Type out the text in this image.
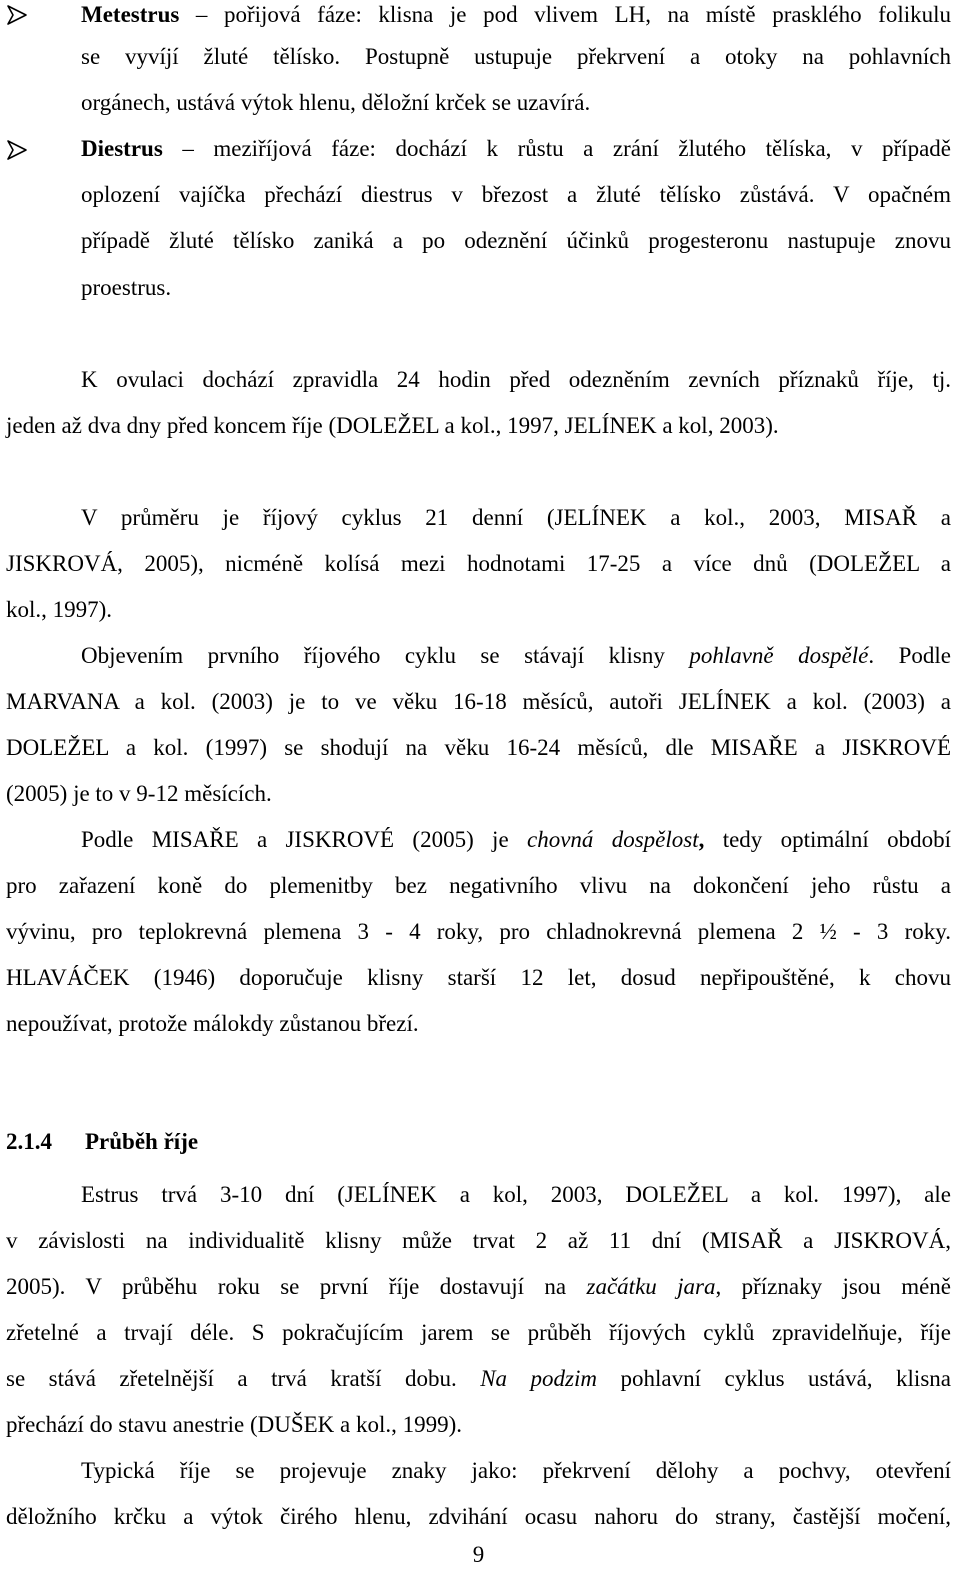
Metestrus – pořijová fáze: klisna je pod vlivem LH, na místě prasklého folikulu
se vyvíjí žluté tělísko. Postupně ustupuje překrvení a otoky na pohlavních
orgánech, ustává výtok hlenu, děložní krček se uzavírá.
Diestrus – meziříjová fáze: dochází k růstu a zrání žlutého tělíska, v případě
oplození vajíčka přechází diestrus v březost a žluté tělísko zůstává. V opačném
případě žluté tělísko zaniká a po odeznění účinků progesteronu nastupuje znovu
proestrus.
K ovulaci dochází zpravidla 24 hodin před odezněním zevních příznaků říje, tj.
jeden až dva dny před koncem říje (DOLEŽEL a kol., 1997, JELÍNEK a kol, 2003).
V průměru je říjový cyklus 21 denní (JELÍNEK a kol., 2003, MISAŘ a
JISKROVÁ, 2005), nicméně kolísá mezi hodnotami 17-25 a více dnů (DOLEŽEL a
kol., 1997).
Objevením prvního říjového cyklu se stávají klisny pohlavně dospělé. Podle
MARVANA a kol. (2003) je to ve věku 16-18 měsíců, autoři JELÍNEK a kol. (2003) a
DOLEŽEL a kol. (1997) se shodují na věku 16-24 měsíců, dle MISAŘE a JISKROVÉ
(2005) je to v 9-12 měsících.
Podle MISAŘE a JISKROVÉ (2005) je chovná dospělost, tedy optimální období
pro zařazení koně do plemenitby bez negativního vlivu na dokončení jeho růstu a
vývinu, pro teplokrevná plemena 3 - 4 roky, pro chladnokrevná plemena 2 ½ - 3 roky.
HLAVÁČEK (1946) doporučuje klisny starší 12 let, dosud nepřipouštěné, k chovu
nepoužívat, protože málokdy zůstanou březí.
2.1.4 Průběh říje
Estrus trvá 3-10 dní (JELÍNEK a kol, 2003, DOLEŽEL a kol. 1997), ale
v závislosti na individualitě klisny může trvat 2 až 11 dní (MISAŘ a JISKROVÁ,
2005). V průběhu roku se první říje dostavují na začátku jara, příznaky jsou méně
zřetelné a trvají déle. S pokračujícím jarem se průběh říjových cyklů zpravidelňuje, říje
se stává zřetelnější a trvá kratší dobu. Na podzim pohlavní cyklus ustává, klisna
přechází do stavu anestrie (DUŠEK a kol., 1999).
Typická říje se projevuje znaky jako: překrvení dělohy a pochvy, otevření
děložního krčku a výtok čirého hlenu, zdvihání ocasu nahoru do strany, častější močení,
9
